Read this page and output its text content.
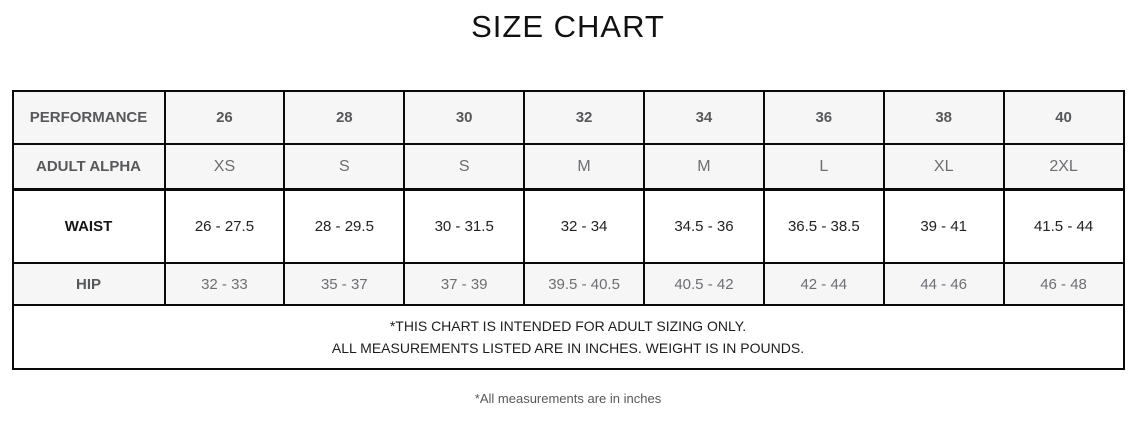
SIZE CHART
PERFORMANCE	26	28	30	32	34	36	38	40
ADULT ALPHA	XS	S	S	M	M	L	XL	2XL
WAIST	26 - 27.5	28 - 29.5	30 - 31.5	32 - 34	34.5 - 36	36.5 - 38.5	39 - 41	41.5 - 44
HIP	32 - 33	35 - 37	37 - 39	39.5 - 40.5	40.5 - 42	42 - 44	44 - 46	46 - 48

*THIS CHART IS INTENDED FOR ADULT SIZING ONLY.
ALL MEASUREMENTS LISTED ARE IN INCHES. WEIGHT IS IN POUNDS.								
*All measurements are in inches
